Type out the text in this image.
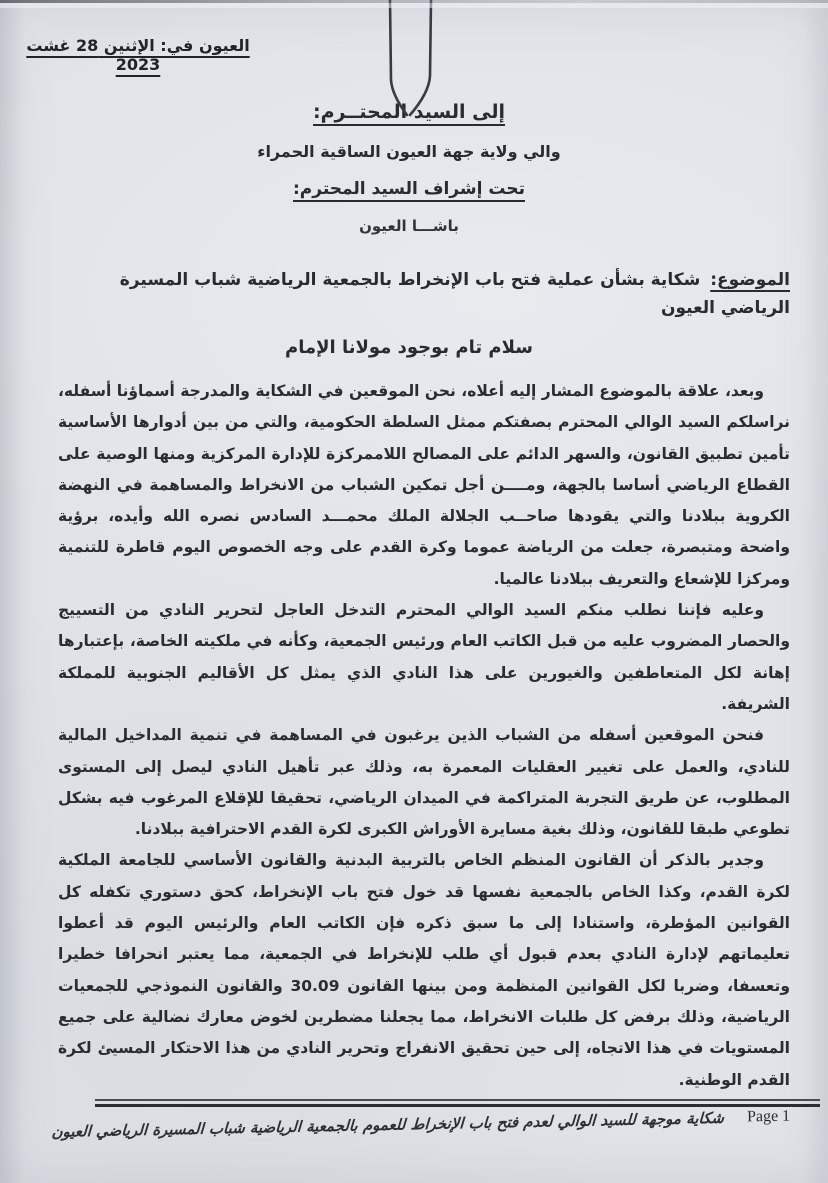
العيون في: الإثنين 28 غشت 2023
إلى السيد المحتــرم:
والي ولاية جهة العيون الساقية الحمراء
تحت إشراف السيد المحترم:
باشـــا العيون
الموضوع: شكاية بشأن عملية فتح باب الإنخراط بالجمعية الرياضية شباب المسيرة الرياضي العيون
سلام تام بوجود مولانا الإمام

وبعد، علاقة بالموضوع المشار إليه أعلاه، نحن الموقعين في الشكاية والمدرجة أسماؤنا أسفله، نراسلكم السيد الوالي المحترم بصفتكم ممثل السلطة الحكومية، والتي من بين أدوارها الأساسية تأمين تطبيق القانون، والسهر الدائم على المصالح اللاممركزة للإدارة المركزية ومنها الوصية على القطاع الرياضي أساسا بالجهة، ومــــن أجل تمكين الشباب من الانخراط والمساهمة في النهضة الكروية ببلادنا والتي يقودها صاحــب الجلالة الملك محمـــد السادس نصره الله وأيده، برؤية واضحة ومتبصرة، جعلت من الرياضة عموما وكرة القدم على وجه الخصوص اليوم قاطرة للتنمية ومركزا للإشعاع والتعريف ببلادنا عالميا.

وعليه فإننا نطلب منكم السيد الوالي المحترم التدخل العاجل لتحرير النادي من التسييج والحصار المضروب عليه من قبل الكاتب العام ورئيس الجمعية، وكأنه في ملكيته الخاصة، بإعتبارها إهانة لكل المتعاطفين والغيورين على هذا النادي الذي يمثل كل الأقاليم الجنوبية للمملكة الشريفة.

فنحن الموقعين أسفله من الشباب الذين يرغبون في المساهمة في تنمية المداخيل المالية للنادي، والعمل على تغيير العقليات المعمرة به، وذلك عبر تأهيل النادي ليصل إلى المستوى المطلوب، عن طريق التجربة المتراكمة في الميدان الرياضي، تحقيقا للإقلاع المرغوب فيه بشكل تطوعي طبقا للقانون، وذلك بغية مسايرة الأوراش الكبرى لكرة القدم الاحترافية ببلادنا.

وجدير بالذكر أن القانون المنظم الخاص بالتربية البدنية والقانون الأساسي للجامعة الملكية لكرة القدم، وكذا الخاص بالجمعية نفسها قد خول فتح باب الإنخراط، كحق دستوري تكفله كل القوانين المؤطرة، واستنادا إلى ما سبق ذكره فإن الكاتب العام والرئيس اليوم قد أعطوا تعليماتهم لإدارة النادي بعدم قبول أي طلب للإنخراط في الجمعية، مما يعتبر انحرافا خطيرا وتعسفا، وضربا لكل القوانين المنظمة ومن بينها القانون 30.09 والقانون النموذجي للجمعيات الرياضية، وذلك برفض كل طلبات الانخراط، مما يجعلنا مضطرين لخوض معارك نضالية على جميع المستويات في هذا الاتجاه، إلى حين تحقيق الانفراج وتحرير النادي من هذا الاحتكار المسيئ لكرة القدم الوطنية.

Page 1
شكاية موجهة للسيد الوالي لعدم فتح باب الإنخراط للعموم بالجمعية الرياضية شباب المسيرة الرياضي العيون
